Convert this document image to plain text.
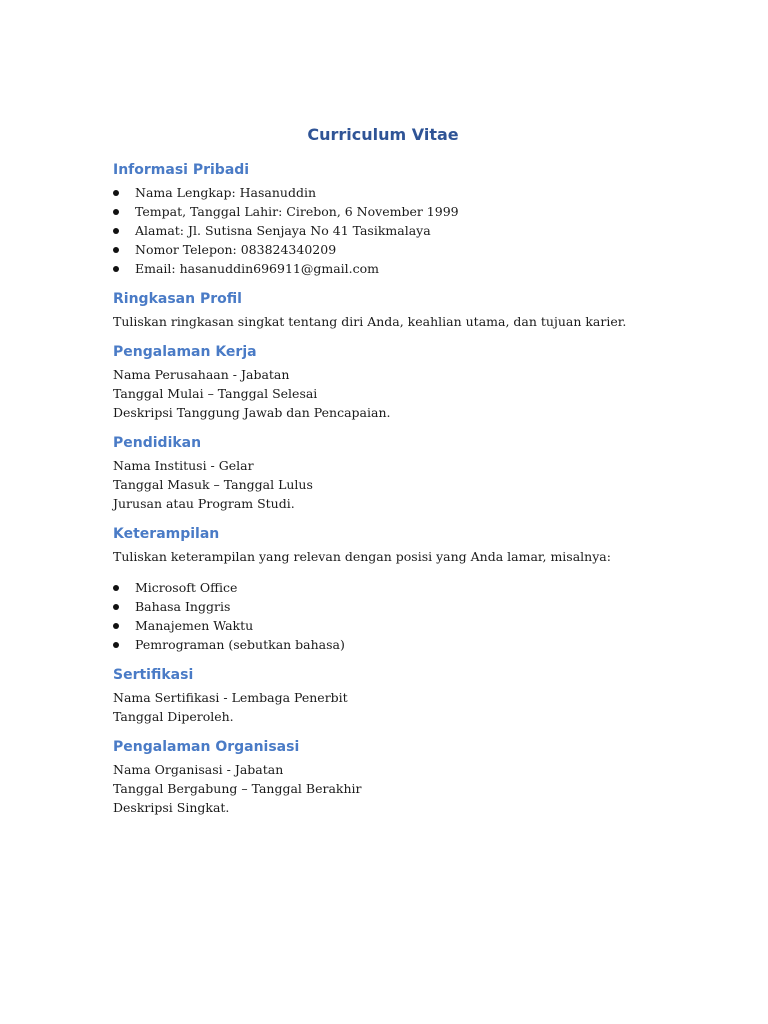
Curriculum Vitae
Informasi Pribadi
Nama Lengkap: Hasanuddin
Tempat, Tanggal Lahir: Cirebon, 6 November 1999
Alamat: Jl. Sutisna Senjaya No 41 Tasikmalaya
Nomor Telepon: 083824340209
Email: hasanuddin696911@gmail.com
Ringkasan Profil
Tuliskan ringkasan singkat tentang diri Anda, keahlian utama, dan tujuan karier.
Pengalaman Kerja
Nama Perusahaan - Jabatan
Tanggal Mulai – Tanggal Selesai
Deskripsi Tanggung Jawab dan Pencapaian.
Pendidikan
Nama Institusi - Gelar
Tanggal Masuk – Tanggal Lulus
Jurusan atau Program Studi.
Keterampilan
Tuliskan keterampilan yang relevan dengan posisi yang Anda lamar, misalnya:
Microsoft Office
Bahasa Inggris
Manajemen Waktu
Pemrograman (sebutkan bahasa)
Sertifikasi
Nama Sertifikasi - Lembaga Penerbit
Tanggal Diperoleh.
Pengalaman Organisasi
Nama Organisasi - Jabatan
Tanggal Bergabung – Tanggal Berakhir
Deskripsi Singkat.
